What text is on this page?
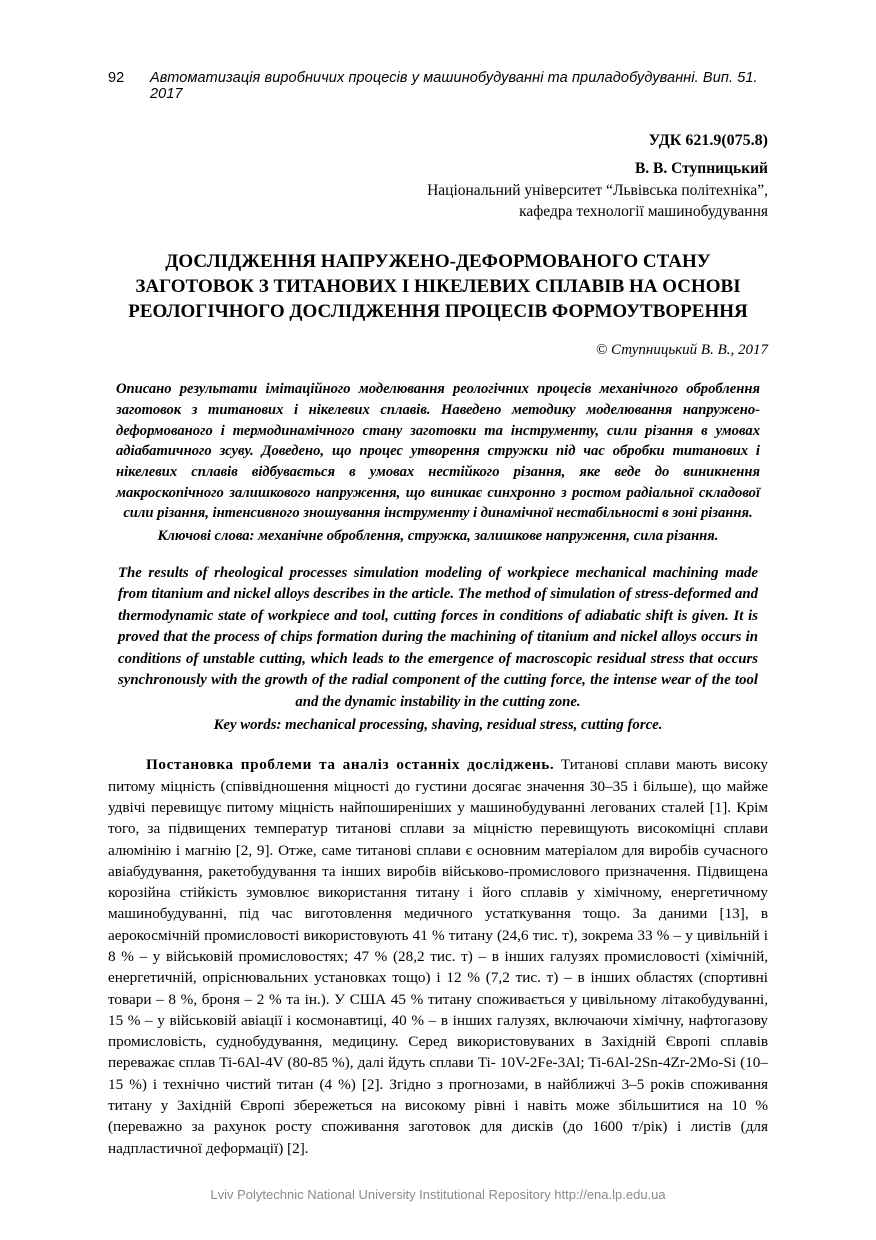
92	Автоматизація виробничих процесів у машинобудуванні та приладобудуванні. Вип. 51. 2017
УДК 621.9(075.8)
В. В. Ступницький
Національний університет “Львівська політехніка”,
кафедра технології машинобудування
ДОСЛІДЖЕННЯ НАПРУЖЕНО-ДЕФОРМОВАНОГО СТАНУ ЗАГОТОВОК З ТИТАНОВИХ І НІКЕЛЕВИХ СПЛАВІВ НА ОСНОВІ РЕОЛОГІЧНОГО ДОСЛІДЖЕННЯ ПРОЦЕСІВ ФОРМОУТВОРЕННЯ
© Ступницький В. В., 2017

Описано результати імітаційного моделювання реологічних процесів механічного оброблення заготовок з титанових і нікелевих сплавів. Наведено методику моделювання напружено-деформованого і термодинамічного стану заготовки та інструменту, сили різання в умовах адіабатичного зсуву. Доведено, що процес утворення стружки під час обробки титанових і нікелевих сплавів відбувається в умовах нестійкого різання, яке веде до виникнення макроскопічного залишкового напруження, що виникає синхронно з ростом радіальної складової сили різання, інтенсивного зношування інструменту і динамічної нестабільності в зоні різання.

Ключові слова: механічне оброблення, стружка, залишкове напруження, сила різання.

The results of rheological processes simulation modeling of workpiece mechanical machining made from titanium and nickel alloys describes in the article. The method of simulation of stress-deformed and thermodynamic state of workpiece and tool, cutting forces in conditions of adiabatic shift is given. It is proved that the process of chips formation during the machining of titanium and nickel alloys occurs in conditions of unstable cutting, which leads to the emergence of macroscopic residual stress that occurs synchronously with the growth of the radial component of the cutting force, the intense wear of the tool and the dynamic instability in the cutting zone.

Key words: mechanical processing, shaving, residual stress, cutting force.
Постановка проблеми та аналіз останніх досліджень. Титанові сплави мають високу питому міцність (співвідношення міцності до густини досягає значення 30–35 і більше), що майже удвічі перевищує питому міцність найпоширеніших у машинобудуванні легованих сталей [1]. Крім того, за підвищених температур титанові сплави за міцністю перевищують високоміцні сплави алюмінію і магнію [2, 9]. Отже, саме титанові сплави є основним матеріалом для виробів сучасного авіабудування, ракетобудування та інших виробів військово-промислового призначення. Підвищена корозійна стійкість зумовлює використання титану і його сплавів у хімічному, енергетичному машинобудуванні, під час виготовлення медичного устаткування тощо. За даними [13], в аерокосмічній промисловості використовують 41 % титану (24,6 тис. т), зокрема 33 % – у цивільній і 8 % – у військовій промисловостях; 47 % (28,2 тис. т) – в інших галузях промисловості (хімічній, енергетичній, опріснювальних установках тощо) і 12 % (7,2 тис. т) – в інших областях (спортивні товари – 8 %, броня – 2 % та ін.). У США 45 % титану споживається у цивільному літакобудуванні, 15 % – у військовій авіації і космонавтиці, 40 % – в інших галузях, включаючи хімічну, нафтогазову промисловість, суднобудування, медицину. Серед використовуваних в Західній Європі сплавів переважає сплав Ti-6Al-4V (80-85 %), далі йдуть сплави Ti- 10V-2Fe-3Al; Ti-6Al-2Sn-4Zr-2Mo-Si (10–15 %) і технічно чистий титан (4 %) [2]. Згідно з прогнозами, в найближчі 3–5 років споживання титану у Західній Європі збережеться на високому рівні і навіть може збільшитися на 10 % (переважно за рахунок росту споживання заготовок для дисків (до 1600 т/рік) і листів (для надпластичної деформації) [2].
Lviv Polytechnic National University Institutional Repository http://ena.lp.edu.ua
